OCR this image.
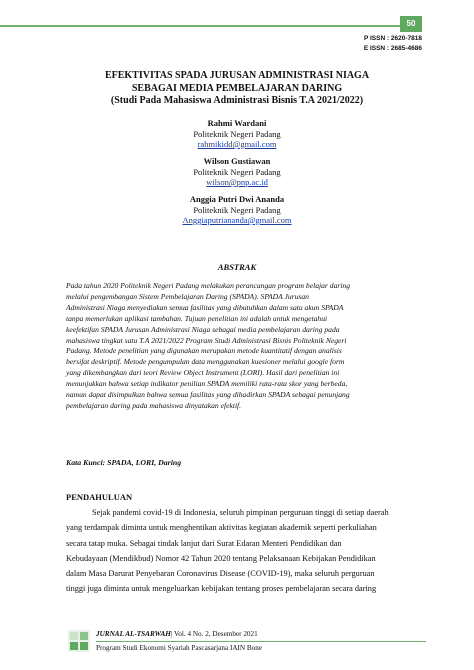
50
P ISSN : 2620-7818
E ISSN : 2685-4686
EFEKTIVITAS SPADA JURUSAN ADMINISTRASI NIAGA
SEBAGAI MEDIA PEMBELAJARAN DARING
(Studi Pada Mahasiswa Administrasi Bisnis T.A 2021/2022)
Rahmi Wardani
Politeknik Negeri Padang
rahmikidd@gmail.com
Wilson Gustiawan
Politeknik Negeri Padang
wilson@pnp.ac.id
Anggia Putri Dwi Ananda
Politeknik Negeri Padang
Anggiaputriananda@gmail.com
ABSTRAK
Pada tahun 2020 Politeknik Negeri Padang melakukan perancangan program belajar daring
melalui pengembangan Sistem Pembelajaran Daring (SPADA). SPADA Jurusan
Administrasi Niaga menyediakan semua fasilitas yang dibutuhkan dalam satu akun SPADA
tanpa memerlukan aplikasi tambahan. Tujuan penelitian ini adalah untuk mengetahui
keefektifan SPADA Jurusan Administrasi Niaga sebagai media pembelajaran daring pada
mahasiswa tingkat satu T.A 2021/2022 Program Studi Administrasi Bisnis Politeknik Negeri
Padang. Metode penelitian yang digunakan merupakan metode kuantitatif dengan analisis
bersifat deskriptif. Metode pengumpulan data menggunakan kuesioner melalui google form
yang dikembangkan dari teori Review Object Instrument (LORI). Hasil dari penelitian ini
menunjukkan bahwa setiap indikator penilian SPADA memiliki rata-rata skor yang berbeda,
namun dapat disimpulkan bahwa semua fasilitas yang dihadirkan SPADA sebagai penunjang
pembelajaran daring pada mahasiswa dinyatakan efektif.
Kata Kunci: SPADA, LORI, Daring
PENDAHULUAN
Sejak pandemi covid-19 di Indonesia, seluruh pimpinan perguruan tinggi di setiap daerah
yang terdampak diminta untuk menghentikan aktivitas kegiatan akademik seperti perkuliahan
secara tatap muka. Sebagai tindak lanjut dari Surat Edaran Menteri Pendidikan dan
Kebudayaan (Mendikbud) Nomor 42 Tahun 2020 tentang Pelaksanaan Kebijakan Pendidikan
dalam Masa Darurat Penyebaran Coronavirus Disease (COVID-19), maka seluruh perguruan
tinggi juga diminta untuk mengeluarkan kebijakan tentang proses pembelajaran secara daring
JURNAL AL-TSARWAH| Vol. 4 No. 2, Desember 2021
Program Studi Ekonomi Syariah Pascasarjana IAIN Bone
